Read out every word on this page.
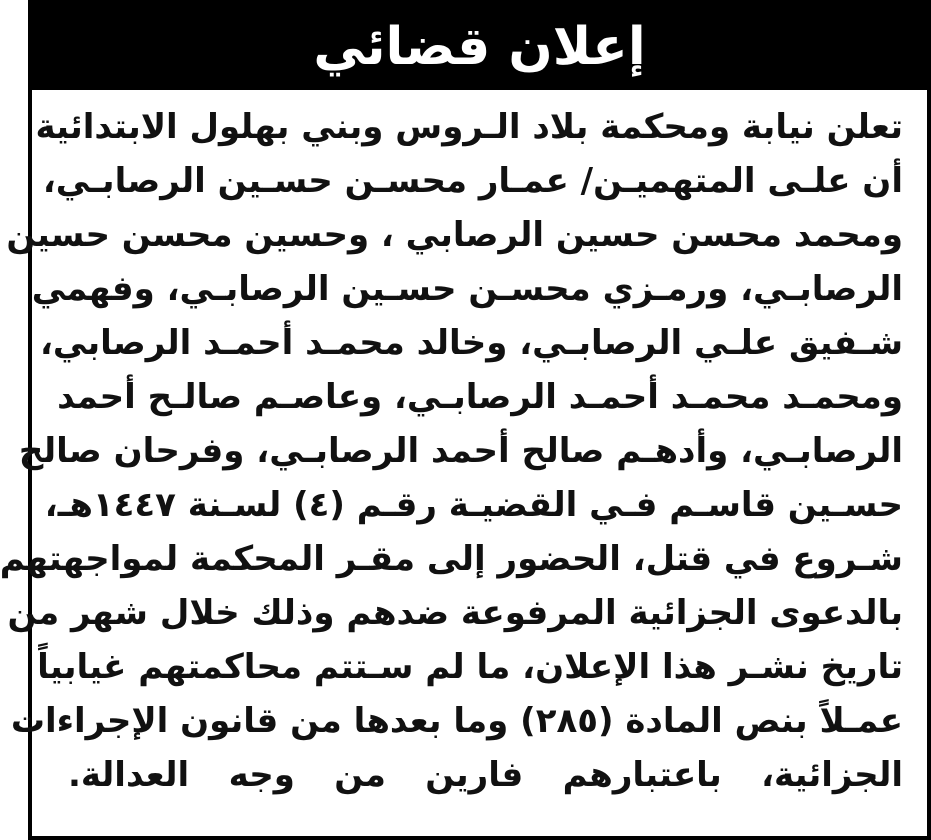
إعلان قضائي
تعلن نيابة ومحكمة بلاد الـروس وبني بهلول الابتدائية
أن علـى المتهميـن/ عمـار محسـن حسـين الرصابـي،
ومحمد محسن حسين الرصابي ، وحسين محسن حسين
الرصابـي، ورمـزي محسـن حسـين الرصابـي، وفهمي
شـفيق علـي الرصابـي، وخالد محمـد أحمـد الرصابي،
ومحمـد محمـد أحمـد الرصابـي، وعاصـم صالـح أحمد
الرصابـي، وأدهـم صالح أحمد الرصابـي، وفرحان صالح
حسـين قاسـم فـي القضيـة رقـم (٤) لسـنة ١٤٤٧هـ،
شـروع في قتل، الحضور إلى مقـر المحكمة لمواجهتهم
بالدعوى الجزائية المرفوعة ضدهم وذلك خلال شهر من
تاريخ نشـر هذا الإعلان، ما لم سـتتم محاكمتهم غيابياً
عمـلاً بنص المادة (٢٨٥) وما بعدها من قانون الإجراءات
الجزائية، باعتبارهم فارين من وجه العدالة.
